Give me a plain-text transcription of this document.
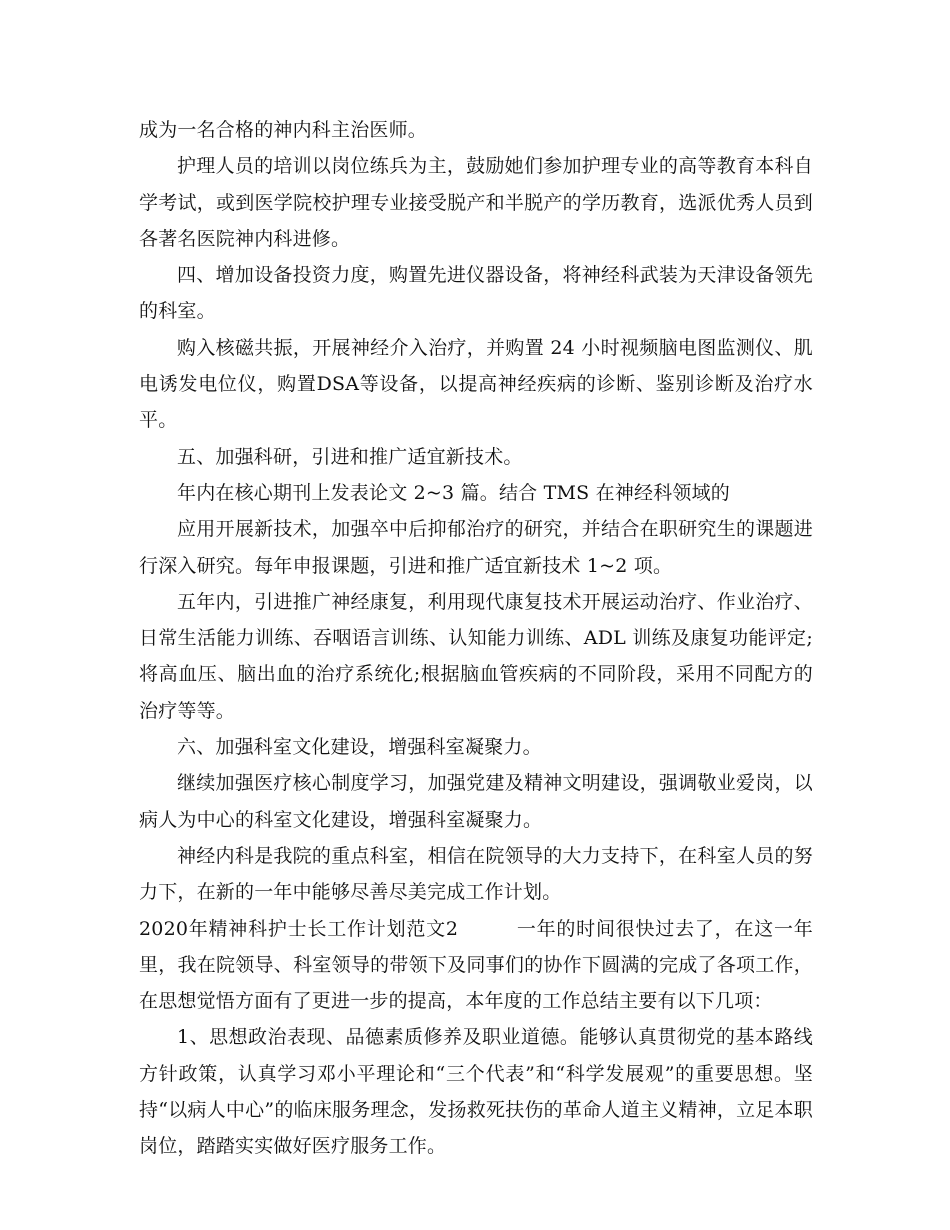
成为一名合格的神内科主治医师。

护理人员的培训以岗位练兵为主，鼓励她们参加护理专业的高等教育本科自学考试，或到医学院校护理专业接受脱产和半脱产的学历教育，选派优秀人员到各著名医院神内科进修。

四、增加设备投资力度，购置先进仪器设备，将神经科武装为天津设备领先的科室。

购入核磁共振，开展神经介入治疗，并购置 24 小时视频脑电图监测仪、肌电诱发电位仪，购置DSA等设备，以提高神经疾病的诊断、鉴别诊断及治疗水平。

五、加强科研，引进和推广适宜新技术。

年内在核心期刊上发表论文 2~3 篇。结合 TMS 在神经科领域的

应用开展新技术，加强卒中后抑郁治疗的研究，并结合在职研究生的课题进行深入研究。每年申报课题，引进和推广适宜新技术 1~2 项。

五年内，引进推广神经康复，利用现代康复技术开展运动治疗、作业治疗、日常生活能力训练、吞咽语言训练、认知能力训练、ADL 训练及康复功能评定;将高血压、脑出血的治疗系统化;根据脑血管疾病的不同阶段，采用不同配方的治疗等等。

六、加强科室文化建设，增强科室凝聚力。

继续加强医疗核心制度学习，加强党建及精神文明建设，强调敬业爱岗，以病人为中心的科室文化建设，增强科室凝聚力。

神经内科是我院的重点科室，相信在院领导的大力支持下，在科室人员的努力下，在新的一年中能够尽善尽美完成工作计划。

2020年精神科护士长工作计划范文2	一年的时间很快过去了，在这一年里，我在院领导、科室领导的带领下及同事们的协作下圆满的完成了各项工作，在思想觉悟方面有了更进一步的提高，本年度的工作总结主要有以下几项：

1、思想政治表现、品德素质修养及职业道德。能够认真贯彻党的基本路线方针政策，认真学习邓小平理论和“三个代表”和“科学发展观”的重要思想。坚持“以病人中心”的临床服务理念，发扬救死扶伤的革命人道主义精神，立足本职岗位，踏踏实实做好医疗服务工作。
